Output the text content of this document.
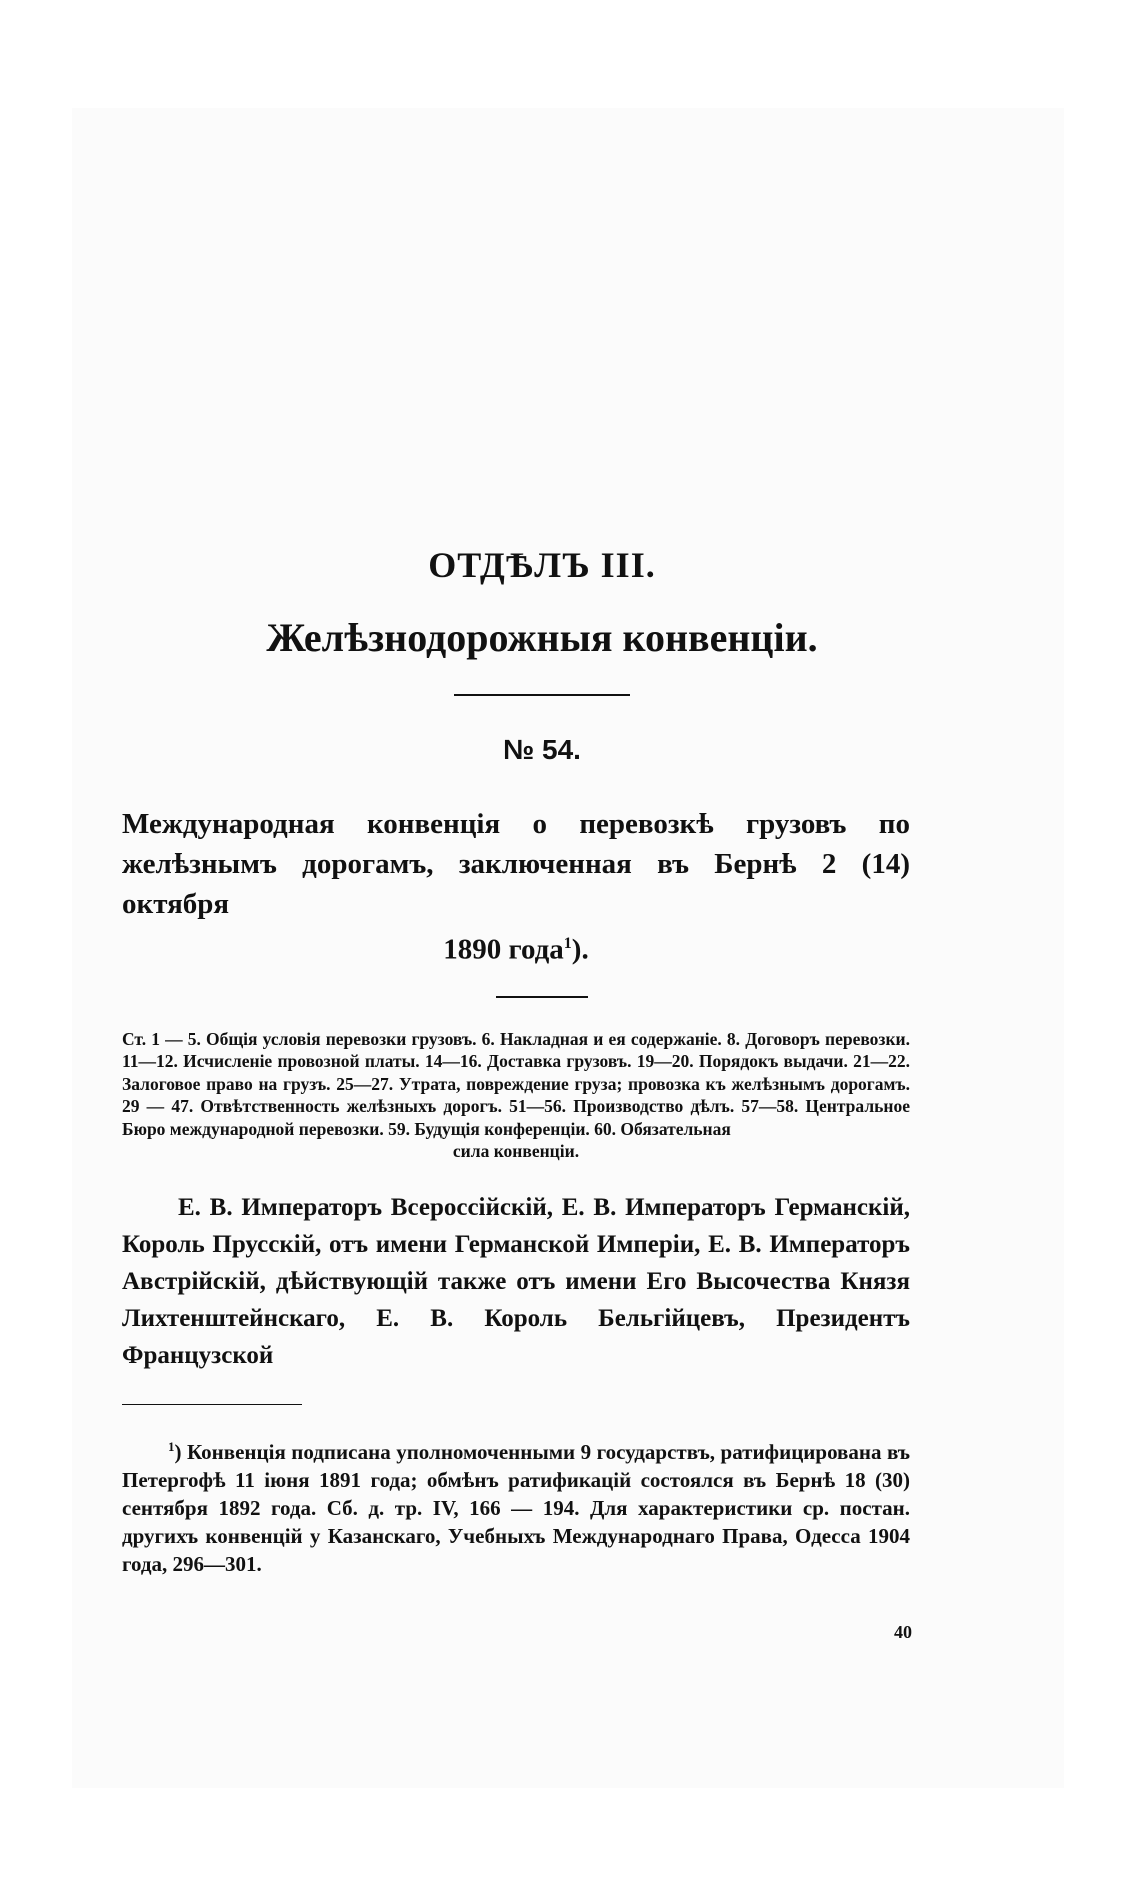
ОТДѢЛЪ III.
Желѣзнодорожныя конвенціи.
№ 54.

Международная конвенція о перевозкѣ грузовъ по желѣзнымъ дорогамъ, заключенная въ Бернѣ 2 (14) октября
1890 года$^1$).

Ст. 1 — 5. Общія условія перевозки грузовъ. 6. Накладная и ея содержаніе. 8. Договоръ перевозки. 11—12. Исчисленіе провозной платы. 14—16. Доставка грузовъ. 19—20. Порядокъ выдачи. 21—22. Залоговое право на грузъ. 25—27. Утрата, повреждение груза; провозка къ желѣзнымъ дорогамъ. 29 — 47. Отвѣтственность желѣзныхъ дорогъ. 51—56. Производство дѣлъ. 57—58. Центральное Бюро международной перевозки. 59. Будущія конференціи. 60. Обязательная
сила конвенціи.

Е. В. Императоръ Всероссійскій, Е. В. Императоръ Германскій, Король Прусскій, отъ имени Германской Имперіи, Е. В. Императоръ Австрійскій, дѣйствующій также отъ имени Его Высочества Князя Лихтенштейнскаго, Е. В. Король Бельгійцевъ, Президентъ Французской

$^1$) Конвенція подписана уполномоченными 9 государствъ, ратифицирована въ Петергофѣ 11 іюня 1891 года; обмѣнъ ратификацій состоялся въ Бернѣ 18 (30) сентября 1892 года. Сб. д. тр. IV, 166 — 194. Для характеристики ср. постан. другихъ конвенцій у Казанскаго, Учебныхъ Международнаго Права, Одесса 1904 года, 296—301.

40
